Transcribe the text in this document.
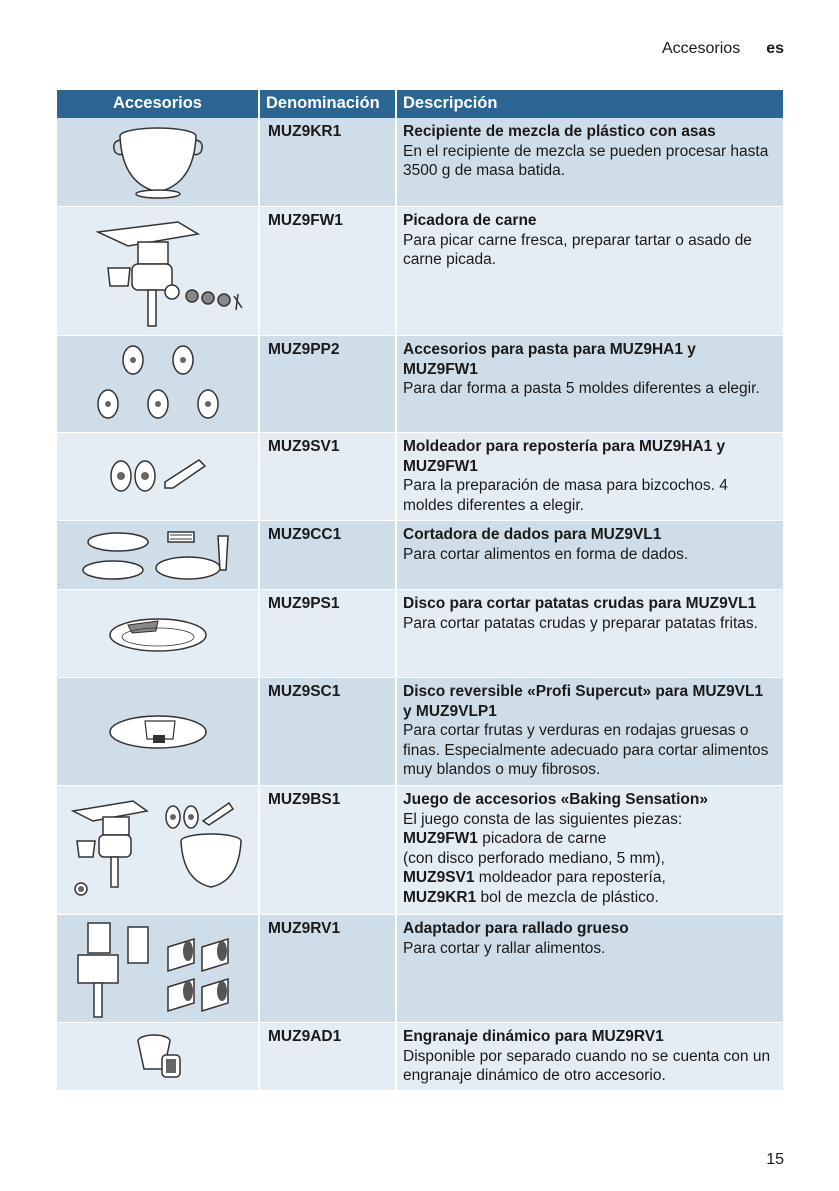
Accesorios es
Accesorios	Denominación	Descripción
MUZ9KR1	Recipiente de mezcla de plástico con asas
En el recipiente de mezcla se pueden procesar hasta 3500 g de masa batida.
MUZ9FW1	Picadora de carne
Para picar carne fresca, preparar tartar o asado de carne picada.
MUZ9PP2	Accesorios para pasta para MUZ9HA1 y MUZ9FW1
Para dar forma a pasta 5 moldes diferentes a elegir.
MUZ9SV1	Moldeador para repostería para MUZ9HA1 y MUZ9FW1
Para la preparación de masa para bizcochos. 4 moldes diferentes a elegir.
MUZ9CC1	Cortadora de dados para MUZ9VL1
Para cortar alimentos en forma de dados.
MUZ9PS1	Disco para cortar patatas crudas para MUZ9VL1
Para cortar patatas crudas y preparar patatas fritas.
MUZ9SC1	Disco reversible «Profi Supercut» para MUZ9VL1 y MUZ9VLP1
Para cortar frutas y verduras en rodajas gruesas o finas. Especialmente adecuado para cortar alimentos muy blandos o muy fibrosos.
MUZ9BS1	Juego de accesorios «Baking Sensation»
El juego consta de las siguientes piezas:
MUZ9FW1 picadora de carne
(con disco perforado mediano, 5 mm),
MUZ9SV1 moldeador para repostería,
MUZ9KR1 bol de mezcla de plástico.
MUZ9RV1	Adaptador para rallado grueso
Para cortar y rallar alimentos.
MUZ9AD1	Engranaje dinámico para MUZ9RV1
Disponible por separado cuando no se cuenta con un engranaje dinámico de otro accesorio.
15
